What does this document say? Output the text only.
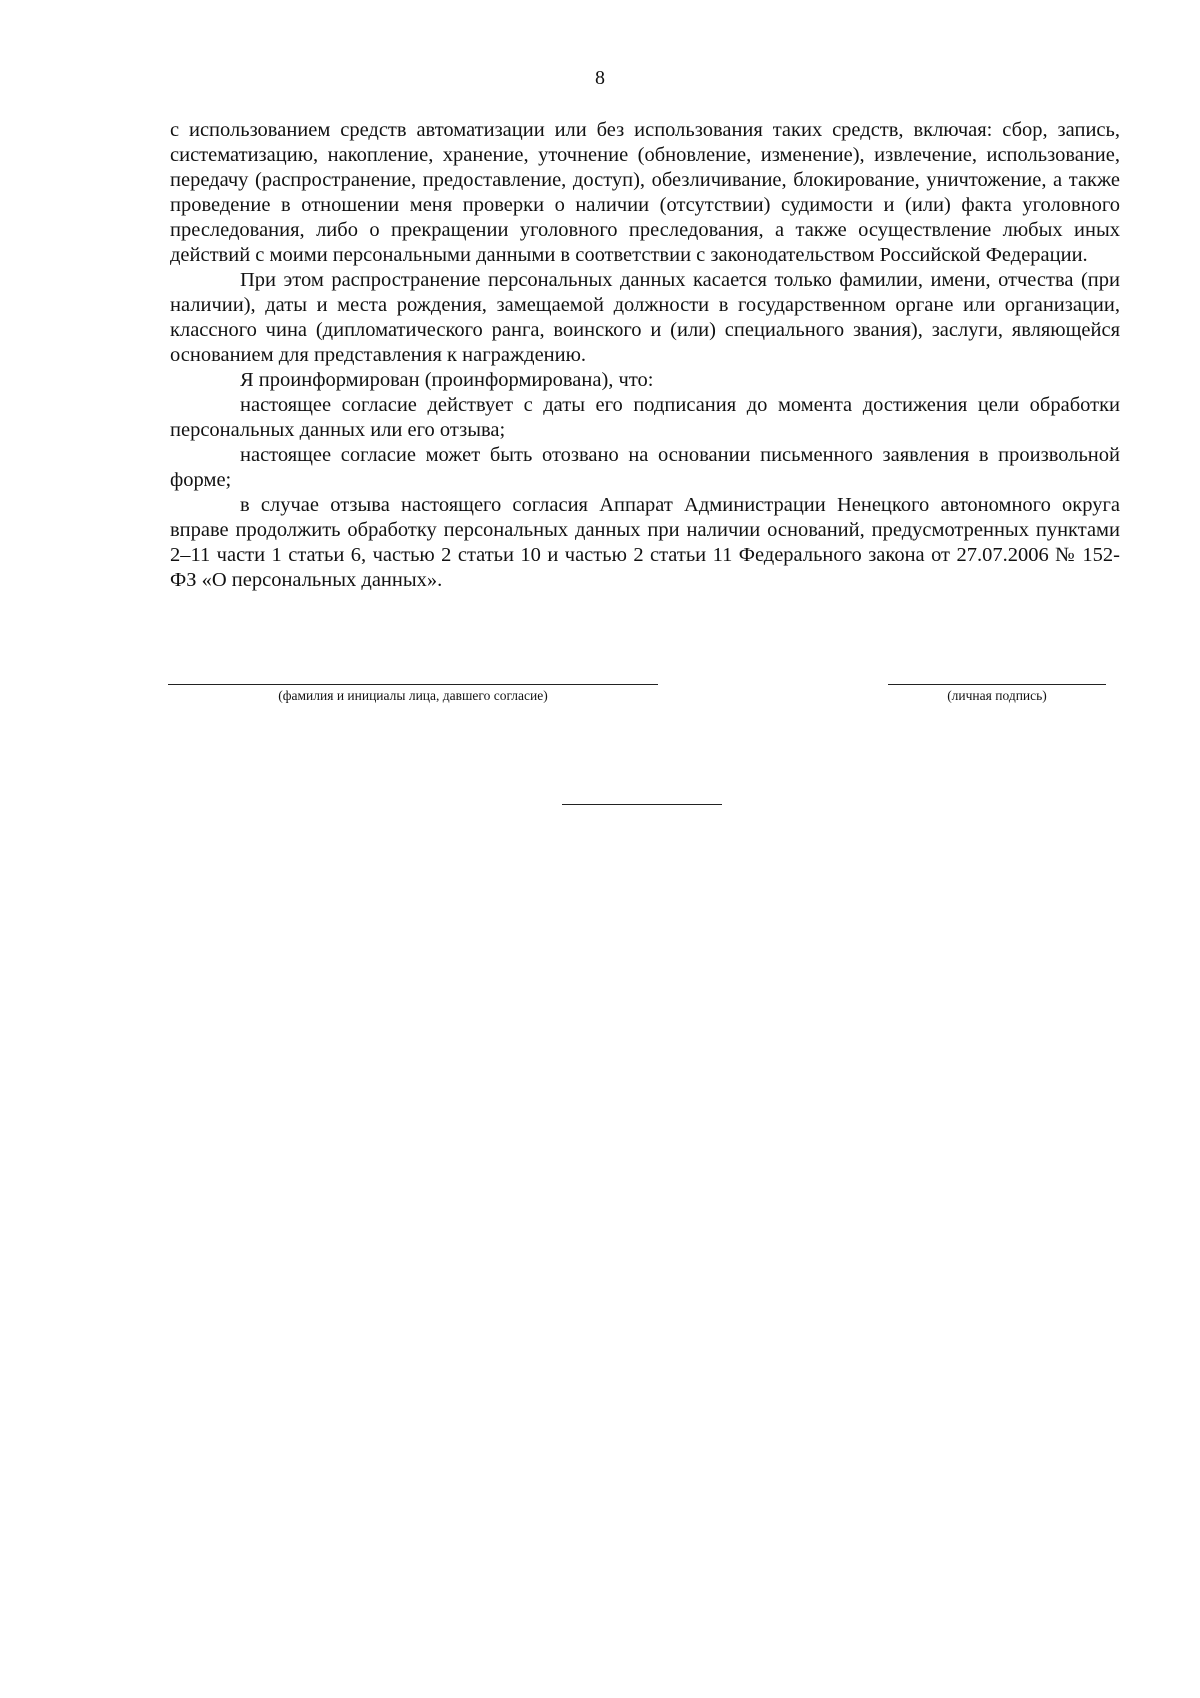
8

с использованием средств автоматизации или без использования таких средств, включая: сбор, запись, систематизацию, накопление, хранение, уточнение (обновление, изменение), извлечение, использование, передачу (распространение, предоставление, доступ), обезличивание, блокирование, уничтожение, а также проведение в отношении меня проверки о наличии (отсутствии) судимости и (или) факта уголовного преследования, либо о прекращении уголовного преследования, а также осуществление любых иных действий с моими персональными данными в соответствии с законодательством Российской Федерации.

При этом распространение персональных данных касается только фамилии, имени, отчества (при наличии), даты и места рождения, замещаемой должности в государственном органе или организации, классного чина (дипломатического ранга, воинского и (или) специального звания), заслуги, являющейся основанием для представления к награждению.

Я проинформирован (проинформирована), что:

настоящее согласие действует с даты его подписания до момента достижения цели обработки персональных данных или его отзыва;

настоящее согласие может быть отозвано на основании письменного заявления в произвольной форме;

в случае отзыва настоящего согласия Аппарат Администрации Ненецкого автономного округа вправе продолжить обработку персональных данных при наличии оснований, предусмотренных пунктами 2–11 части 1 статьи 6, частью 2 статьи 10 и частью 2 статьи 11 Федерального закона от 27.07.2006 № 152-ФЗ «О персональных данных».

(фамилия и инициалы лица, давшего согласие)	(личная подпись)
